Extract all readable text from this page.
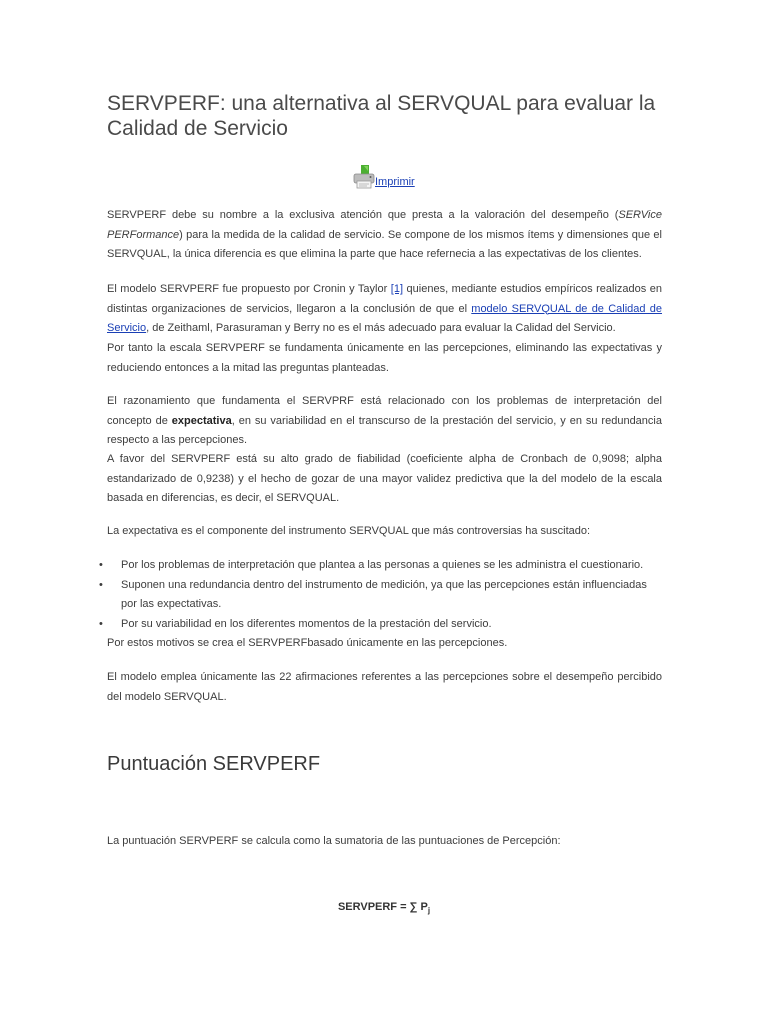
SERVPERF: una alternativa al SERVQUAL para evaluar la Calidad de Servicio
Imprimir

SERVPERF debe su nombre a la exclusiva atención que presta a la valoración del desempeño (SERVice PERFormance) para la medida de la calidad de servicio. Se compone de los mismos ítems y dimensiones que el SERVQUAL, la única diferencia es que elimina la parte que hace refernecia a las expectativas de los clientes.

El modelo SERVPERF fue propuesto por Cronin y Taylor [1] quienes, mediante estudios empíricos realizados en distintas organizaciones de servicios, llegaron a la conclusión de que el modelo SERVQUAL de de Calidad de Servicio, de Zeithaml, Parasuraman y Berry no es el más adecuado para evaluar la Calidad del Servicio.

Por tanto la escala SERVPERF se fundamenta únicamente en las percepciones, eliminando las expectativas y reduciendo entonces a la mitad las preguntas planteadas.

El razonamiento que fundamenta el SERVPRF está relacionado con los problemas de interpretación del concepto de expectativa, en su variabilidad en el transcurso de la prestación del servicio, y en su redundancia respecto a las percepciones.

A favor del SERVPERF está su alto grado de fiabilidad (coeficiente alpha de Cronbach de 0,9098; alpha estandarizado de 0,9238) y el hecho de gozar de una mayor validez predictiva que la del modelo de la escala basada en diferencias, es decir, el SERVQUAL.

La expectativa es el componente del instrumento SERVQUAL que más controversias ha suscitado:

• Por los problemas de interpretación que plantea a las personas a quienes se les administra el cuestionario.
• Suponen una redundancia dentro del instrumento de medición, ya que las percepciones están influenciadas por las expectativas.
• Por su variabilidad en los diferentes momentos de la prestación del servicio.

Por estos motivos se crea el SERVPERFbasado únicamente en las percepciones.

El modelo emplea únicamente las 22 afirmaciones referentes a las percepciones sobre el desempeño percibido del modelo SERVQUAL.

Puntuación SERVPERF

La puntuación SERVPERF se calcula como la sumatoria de las puntuaciones de Percepción:

SERVPERF = ∑ $P_j$
